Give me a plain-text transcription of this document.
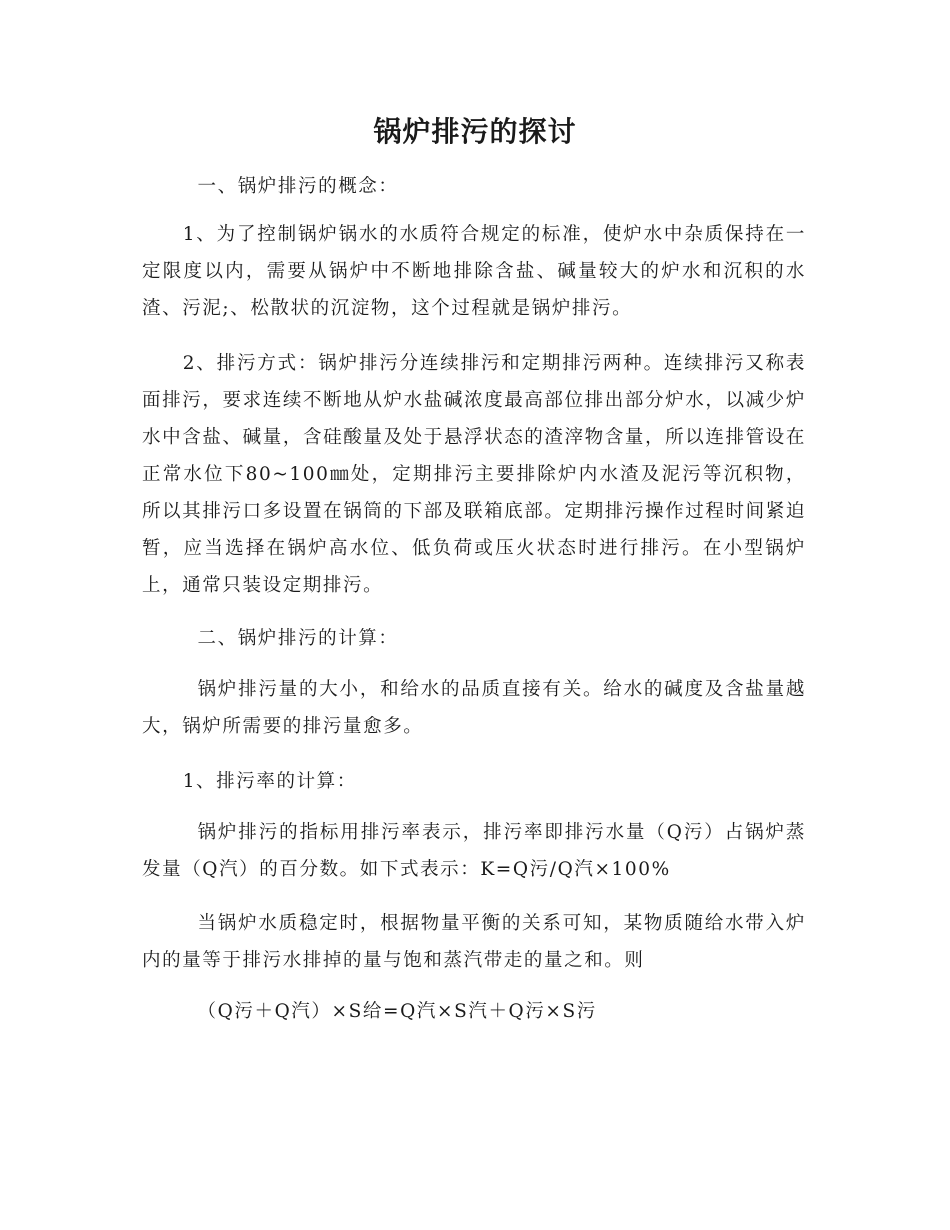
锅炉排污的探讨

一、锅炉排污的概念：

1、为了控制锅炉锅水的水质符合规定的标准，使炉水中杂质保持在一定限度以内，需要从锅炉中不断地排除含盐、碱量较大的炉水和沉积的水渣、污泥;、松散状的沉淀物，这个过程就是锅炉排污。

2、排污方式：锅炉排污分连续排污和定期排污两种。连续排污又称表面排污，要求连续不断地从炉水盐碱浓度最高部位排出部分炉水，以减少炉水中含盐、碱量，含硅酸量及处于悬浮状态的渣滓物含量，所以连排管设在正常水位下80~100㎜处，定期排污主要排除炉内水渣及泥污等沉积物，所以其排污口多设置在锅筒的下部及联箱底部。定期排污操作过程时间紧迫暂，应当选择在锅炉高水位、低负荷或压火状态时进行排污。在小型锅炉上，通常只装设定期排污。

二、锅炉排污的计算：

锅炉排污量的大小，和给水的品质直接有关。给水的碱度及含盐量越大，锅炉所需要的排污量愈多。

1、排污率的计算：

锅炉排污的指标用排污率表示，排污率即排污水量（Q污）占锅炉蒸发量（Q汽）的百分数。如下式表示：K=Q污/Q汽×100%

当锅炉水质稳定时，根据物量平衡的关系可知，某物质随给水带入炉内的量等于排污水排掉的量与饱和蒸汽带走的量之和。则

（Q污＋Q汽）×S给=Q汽×S汽＋Q污×S污
